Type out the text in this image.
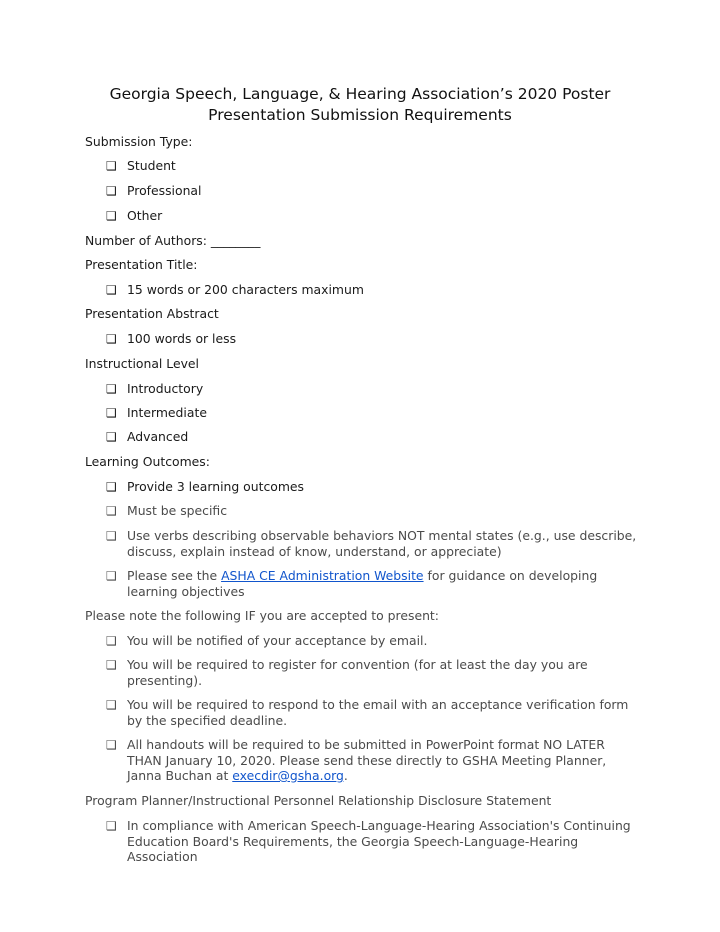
Georgia Speech, Language, & Hearing Association’s 2020 Poster
Presentation Submission Requirements
Submission Type:
❑ Student
❑ Professional
❑ Other
Number of Authors: ________
Presentation Title:
❑ 15 words or 200 characters maximum
Presentation Abstract
❑ 100 words or less
Instructional Level
❑ Introductory
❑ Intermediate
❑ Advanced
Learning Outcomes:
❑ Provide 3 learning outcomes
❑ Must be specific
❑ Use verbs describing observable behaviors NOT mental states (e.g., use describe, discuss, explain instead of know, understand, or appreciate)
❑ Please see the ASHA CE Administration Website for guidance on developing learning objectives
Please note the following IF you are accepted to present:
❑ You will be notified of your acceptance by email.
❑ You will be required to register for convention (for at least the day you are presenting).
❑ You will be required to respond to the email with an acceptance verification form by the specified deadline.
❑ All handouts will be required to be submitted in PowerPoint format NO LATER THAN January 10, 2020. Please send these directly to GSHA Meeting Planner, Janna Buchan at execdir@gsha.org.
Program Planner/Instructional Personnel Relationship Disclosure Statement
❑ In compliance with American Speech-Language-Hearing Association's Continuing Education Board's Requirements, the Georgia Speech-Language-Hearing Association
